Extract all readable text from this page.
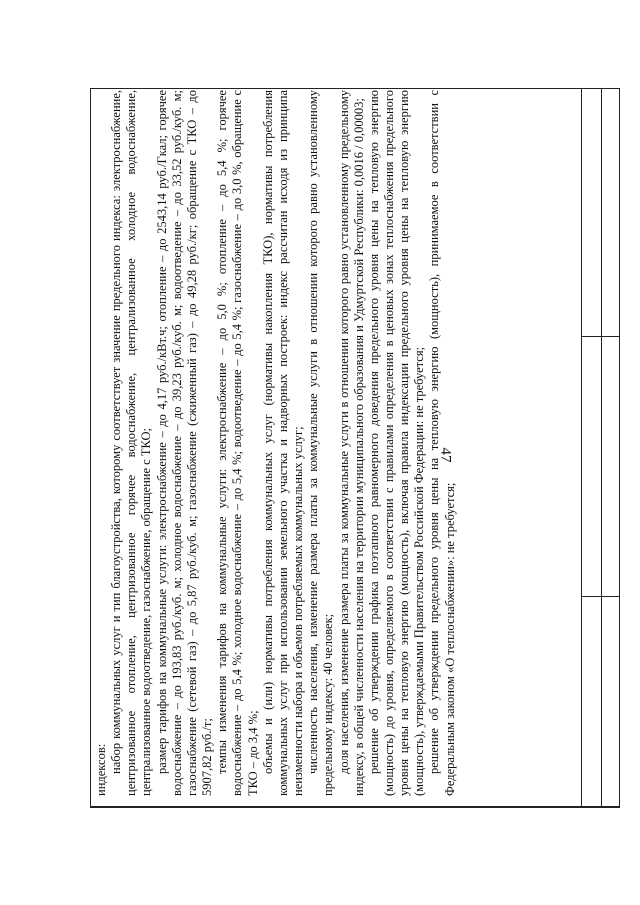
47

индексов: набор коммунальных услуг и тип благоустройства, которому соответствует значение предельного индекса: электроснабжение, центризованное отопление, центризованное горячее водоснабжение, централизованное холодное водоснабжение, централизованное водоотведение, газоснабжение, обращение с ТКО; размер тарифов на коммунальные услуги: электроснабжение – до 4,17 руб./кВт.ч; отопление – до 2543,14 руб./Гкал; горячее водоснабжение – до 193,83 руб./куб. м; холодное водоснабжение – до 39,23 руб./куб. м; водоотведение – до 33,52 руб./куб. м; газоснабжение (сетевой газ) – до 5,87 руб./куб. м; газоснабжение (сжиженный газ) – до 49,28 руб./кг; обращение с ТКО – до 5907,82 руб./т; темпы изменения тарифов на коммунальные услуги: электроснабжение – до 5,0 %; отопление – до 5,4 %; горячее водоснабжение – до 5,4 %; холодное водоснабжение – до 5,4 %; водоотведение – до 5,4 %; газоснабжение – до 3,0 %, обращение с ТКО – до 3,4 %; объемы и (или) нормативы потребления коммунальных услуг (нормативы накопления ТКО), нормативы потребления коммунальных услуг при использовании земельного участка и надворных построек: индекс рассчитан исходя из принципа неизменности набора и объемов потребляемых коммунальных услуг; численность населения, изменение размера платы за коммунальные услуги в отношении которого равно установленному предельному индексу: 40 человек; доля населения, изменение размера платы за коммунальные услуги в отношении которого равно установленному предельному индексу, в общей численности населения на территории муниципального образования и Удмуртской Республики: 0,0016 / 0,00003; решение об утверждении графика поэтапного равномерного доведения предельного уровня цены на тепловую энергию (мощность) до уровня, определяемого в соответствии с правилами определения в ценовых зонах теплоснабжения предельного уровня цены на тепловую энергию (мощность), включая правила индексации предельного уровня цены на тепловую энергию (мощность), утверждаемыми Правительством Российской Федерации: не требуется; решение об утверждении предельного уровня цены на тепловую энергию (мощность), принимаемое в соответствии с Федеральным законом «О теплоснабжении»: не требуется;
